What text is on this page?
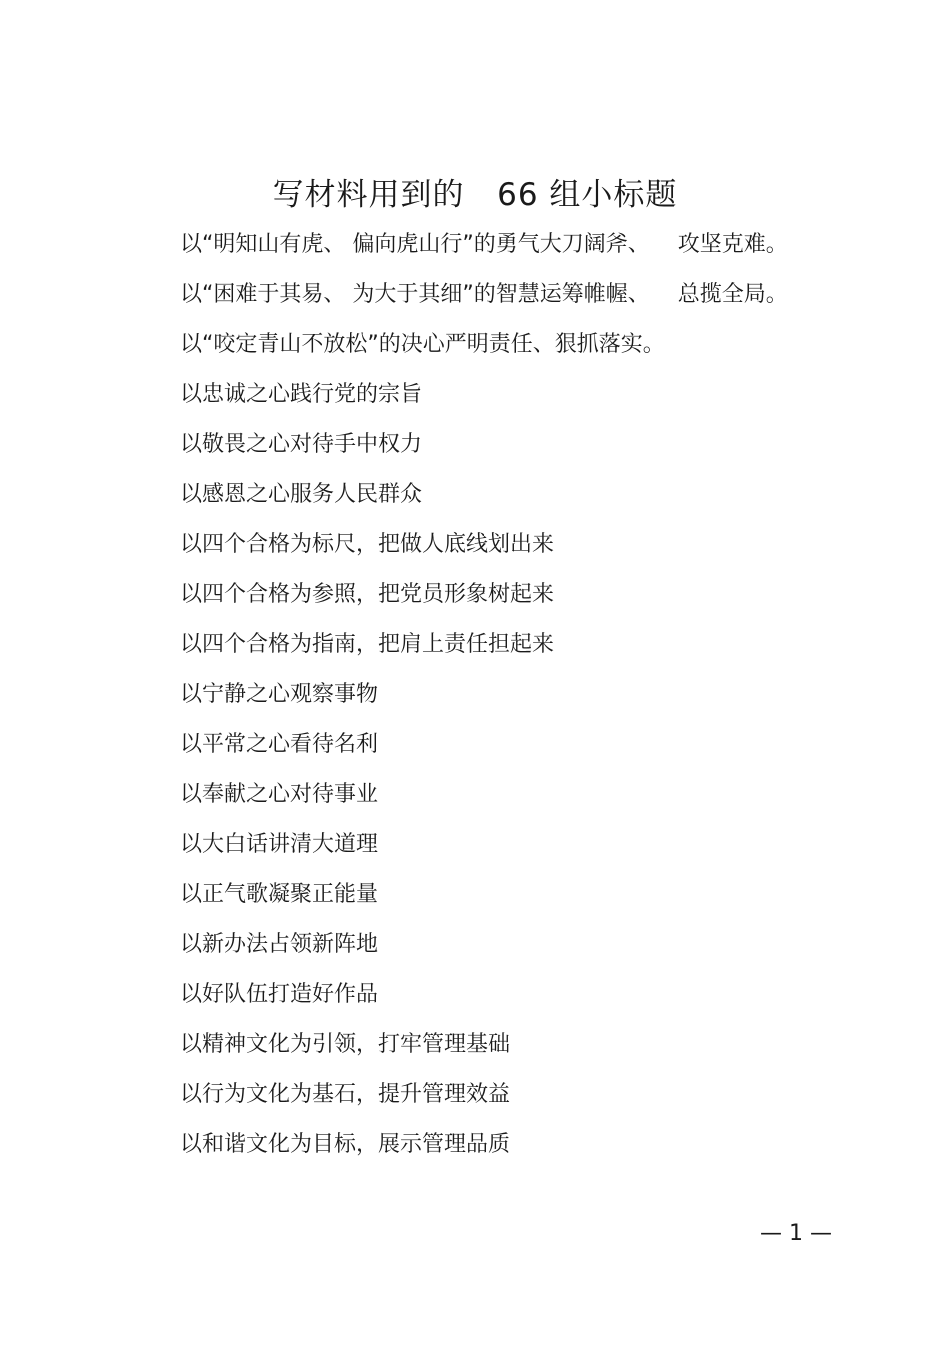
写材料用到的   66 组小标题
以“明知山有虎、 偏向虎山行”的勇气大刀阔斧、    攻坚克难。
以“困难于其易、 为大于其细”的智慧运筹帷幄、    总揽全局。
以“咬定青山不放松”的决心严明责任、狠抓落实。
以忠诚之心践行党的宗旨
以敬畏之心对待手中权力
以感恩之心服务人民群众
以四个合格为标尺，把做人底线划出来
以四个合格为参照，把党员形象树起来
以四个合格为指南，把肩上责任担起来
以宁静之心观察事物
以平常之心看待名利
以奉献之心对待事业
以大白话讲清大道理
以正气歌凝聚正能量
以新办法占领新阵地
以好队伍打造好作品
以精神文化为引领，打牢管理基础
以行为文化为基石，提升管理效益
以和谐文化为目标，展示管理品质
— 1 —
